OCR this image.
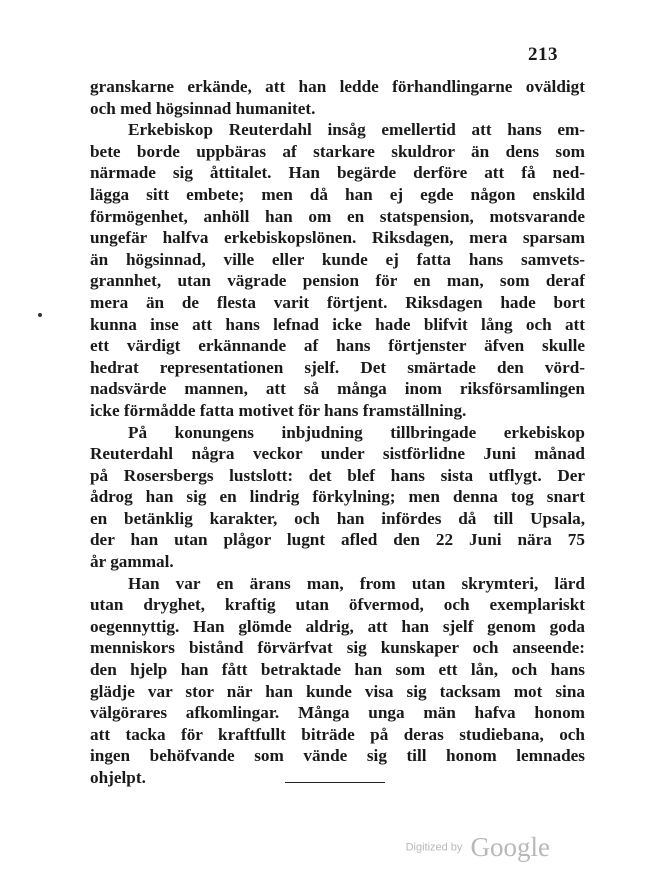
213
granskarne erkände, att han ledde förhandlingarne oväldigt
och med högsinnad humanitet.
Erkebiskop Reuterdahl insåg emellertid att hans em-
bete borde uppbäras af starkare skuldror än dens som
närmade sig åttitalet. Han begärde derföre att få ned-
lägga sitt embete; men då han ej egde någon enskild
förmögenhet, anhöll han om en statspension, motsvarande
ungefär halfva erkebiskopslönen. Riksdagen, mera sparsam
än högsinnad, ville eller kunde ej fatta hans samvets-
grannhet, utan vägrade pension för en man, som deraf
mera än de flesta varit förtjent. Riksdagen hade bort
kunna inse att hans lefnad icke hade blifvit lång och att
ett värdigt erkännande af hans förtjenster äfven skulle
hedrat representationen sjelf. Det smärtade den vörd-
nadsvärde mannen, att så många inom riksförsamlingen
icke förmådde fatta motivet för hans framställning.
På konungens inbjudning tillbringade erkebiskop
Reuterdahl några veckor under sistförlidne Juni månad
på Rosersbergs lustslott: det blef hans sista utflygt. Der
ådrog han sig en lindrig förkylning; men denna tog snart
en betänklig karakter, och han infördes då till Upsala,
der han utan plågor lugnt afled den 22 Juni nära 75
år gammal.
Han var en ärans man, from utan skrymteri, lärd
utan dryghet, kraftig utan öfvermod, och exemplariskt
oegennyttig. Han glömde aldrig, att han sjelf genom goda
menniskors bistånd förvärfvat sig kunskaper och anseende:
den hjelp han fått betraktade han som ett lån, och hans
glädje var stor när han kunde visa sig tacksam mot sina
välgörares afkomlingar. Många unga män hafva honom
att tacka för kraftfullt biträde på deras studiebana, och
ingen behöfvande som vände sig till honom lemnades
ohjelpt.
Digitized by Google
